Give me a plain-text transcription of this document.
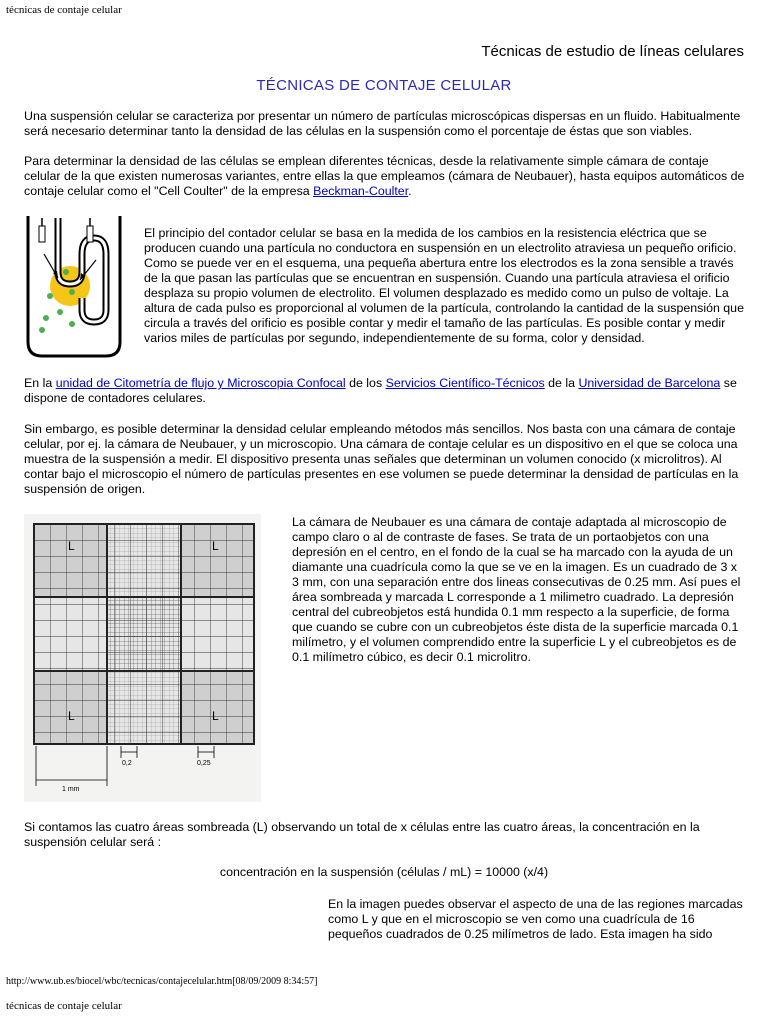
técnicas de contaje celular
Técnicas de estudio de líneas celulares
TÉCNICAS DE CONTAJE CELULAR
Una suspensión celular se caracteriza por presentar un número de partículas microscópicas dispersas en un fluido. Habitualmente será necesario determinar tanto la densidad de las células en la suspensión como el porcentaje de éstas que son viables.
Para determinar la densidad de las células se emplean diferentes técnicas, desde la relativamente simple cámara de contaje celular de la que existen numerosas variantes, entre ellas la que empleamos (cámara de Neubauer), hasta equipos automáticos de contaje celular como el "Cell Coulter" de la empresa Beckman-Coulter.
El principio del contador celular se basa en la medida de los cambios en la resistencia eléctrica que se producen cuando una partícula no conductora en suspensión en un electrolito atraviesa un pequeño orificio. Como se puede ver en el esquema, una pequeña abertura entre los electrodos es la zona sensible a través de la que pasan las partículas que se encuentran en suspensión. Cuando una partícula atraviesa el orificio desplaza su propio volumen de electrolito. El volumen desplazado es medido como un pulso de voltaje. La altura de cada pulso es proporcional al volumen de la partícula, controlando la cantidad de la suspensión que circula a través del orificio es posible contar y medir el tamaño de las partículas. Es posible contar y medir varios miles de partículas por segundo, independientemente de su forma, color y densidad.
En la unidad de Citometría de flujo y Microscopia Confocal de los Servicios Científico-Técnicos de la Universidad de Barcelona se dispone de contadores celulares.
Sin embargo, es posible determinar la densidad celular empleando métodos más sencillos. Nos basta con una cámara de contaje celular, por ej. la cámara de Neubauer, y un microscopio. Una cámara de contaje celular es un dispositivo en el que se coloca una muestra de la suspensión a medir. El dispositivo presenta unas señales que determinan un volumen conocido (x microlitros). Al contar bajo el microscopio el número de partículas presentes en ese volumen se puede determinar la densidad de partículas en la suspensión de origen.
L	L
L	L
0,2	0,25
1 mm
La cámara de Neubauer es una cámara de contaje adaptada al microscopio de campo claro o al de contraste de fases. Se trata de un portaobjetos con una depresión en el centro, en el fondo de la cual se ha marcado con la ayuda de un diamante una cuadrícula como la que se ve en la imagen. Es un cuadrado de 3 x 3 mm, con una separación entre dos lineas consecutivas de 0.25 mm. Así pues el área sombreada y marcada L corresponde a 1 milimetro cuadrado. La depresión central del cubreobjetos está hundida 0.1 mm respecto a la superficie, de forma que cuando se cubre con un cubreobjetos éste dista de la superficie marcada 0.1 milímetro, y el volumen comprendido entre la superficie L y el cubreobjetos es de 0.1 milímetro cúbico, es decir 0.1 microlitro.
Si contamos las cuatro áreas sombreada (L) observando un total de x células entre las cuatro áreas, la concentración en la suspensión celular será :
concentración en la suspensión (células / mL) = 10000 (x/4)
En la imagen puedes observar el aspecto de una de las regiones marcadas como L y que en el microscopio se ven como una cuadrícula de 16 pequeños cuadrados de 0.25 milímetros de lado. Esta imagen ha sido
http://www.ub.es/biocel/wbc/tecnicas/contajecelular.htm[08/09/2009 8:34:57]
técnicas de contaje celular
